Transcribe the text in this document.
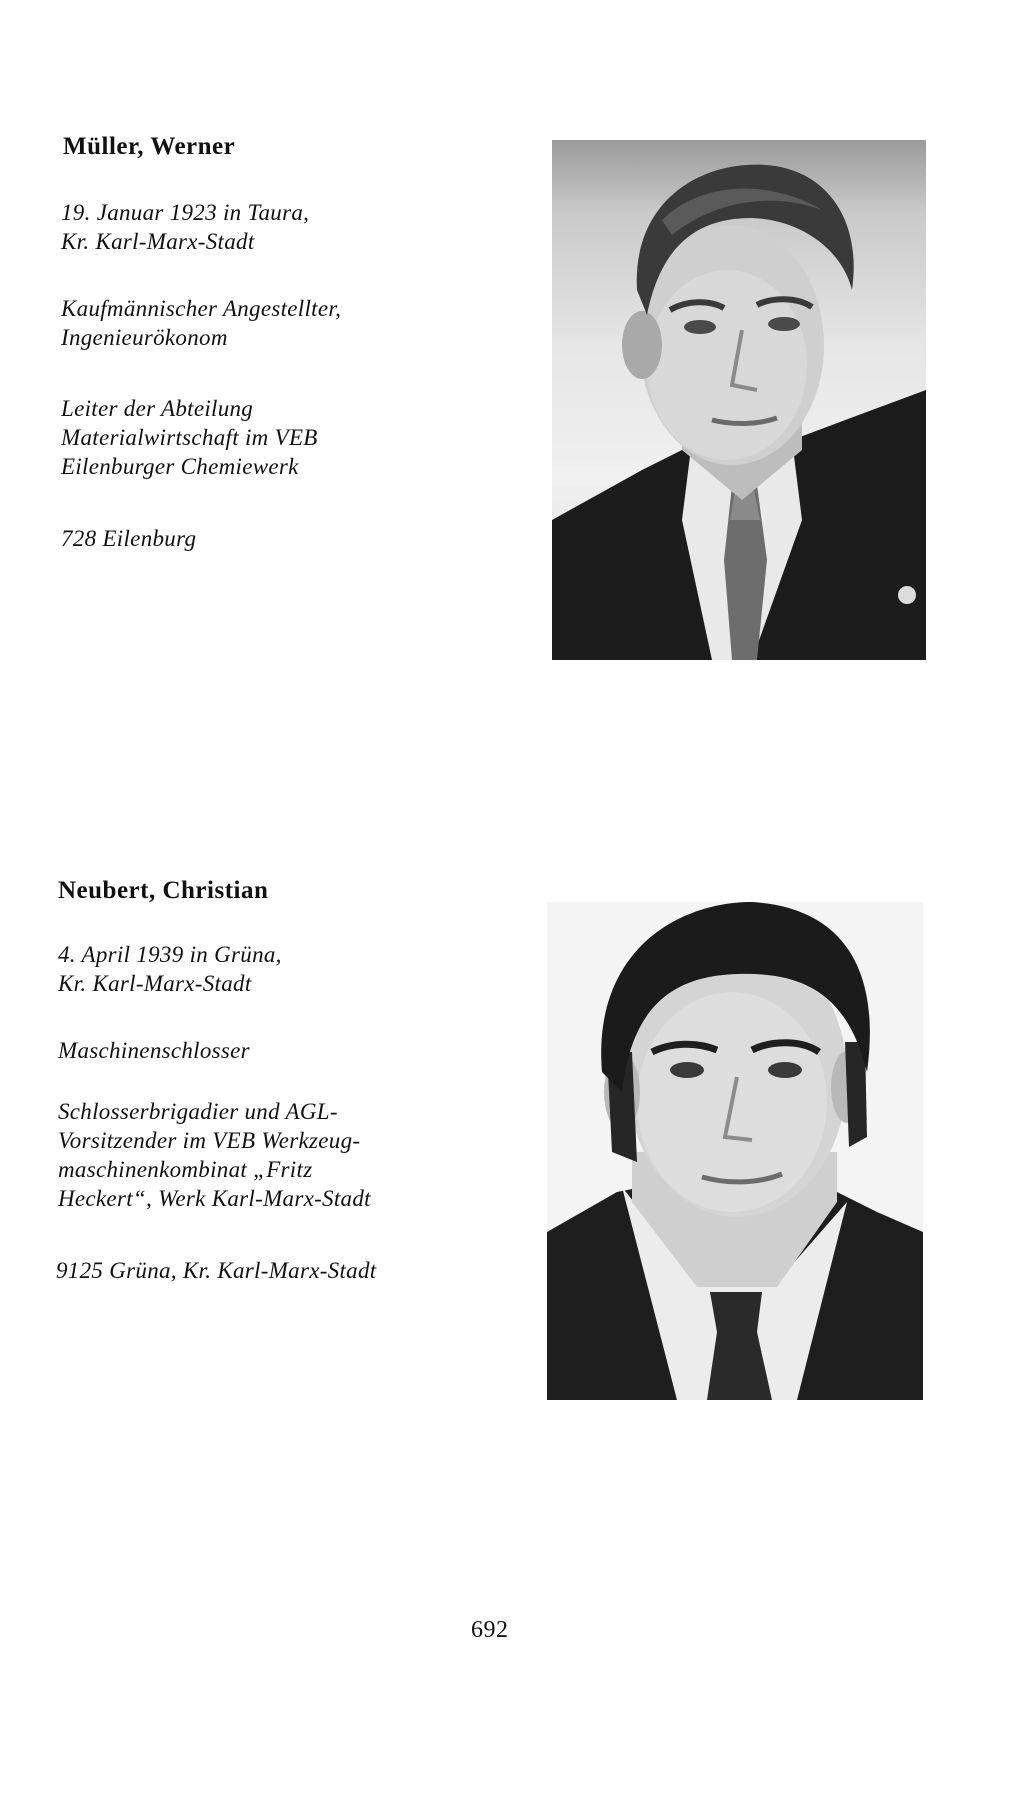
Müller, Werner
19. Januar 1923 in Taura,
Kr. Karl-Marx-Stadt
Kaufmännischer Angestellter,
Ingenieurökonom
Leiter der Abteilung
Materialwirtschaft im VEB
Eilenburger Chemiewerk
728 Eilenburg
Neubert, Christian
4. April 1939 in Grüna,
Kr. Karl-Marx-Stadt
Maschinenschlosser
Schlosserbrigadier und AGL-
Vorsitzender im VEB Werkzeug-
maschinenkombinat „Fritz
Heckert“, Werk Karl-Marx-Stadt
9125 Grüna, Kr. Karl-Marx-Stadt
692
